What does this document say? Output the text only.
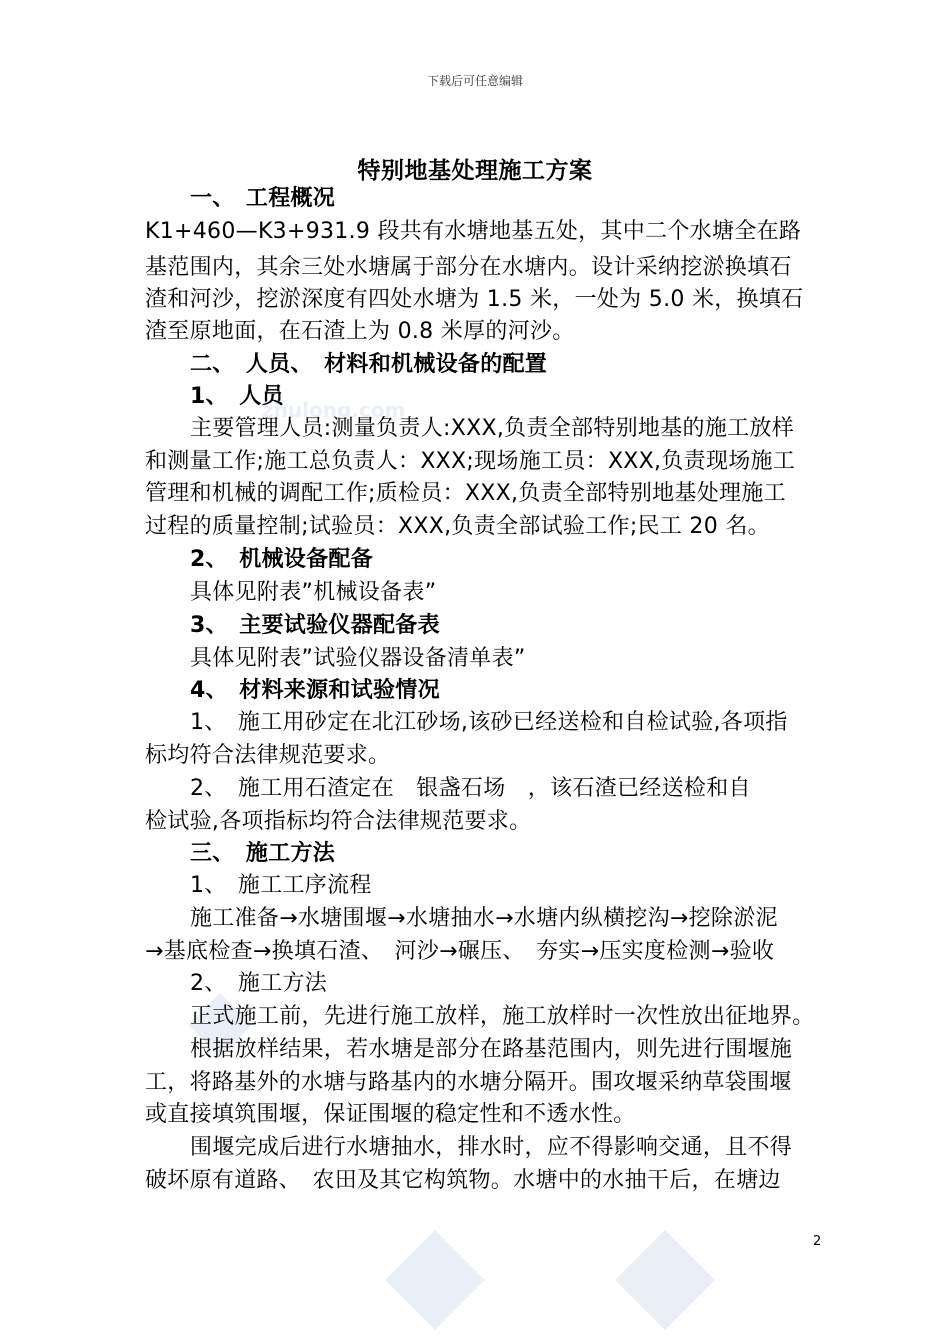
zhulong.com
下载后可任意编辑
特别地基处理施工方案
一、　工程概况
K1+460—K3+931.9 段共有水塘地基五处，其中二个水塘全在路
基范围内，其余三处水塘属于部分在水塘内。设计采纳挖淤换填石
渣和河沙，挖淤深度有四处水塘为 1.5 米，一处为 5.0 米，换填石
渣至原地面，在石渣上为 0.8 米厚的河沙。
二、　人员、　材料和机械设备的配置
1、　人员
主要管理人员:测量负责人:XXX,负责全部特别地基的施工放样
和测量工作;施工总负责人：XXX;现场施工员：XXX,负责现场施工
管理和机械的调配工作;质检员：XXX,负责全部特别地基处理施工
过程的质量控制;试验员：XXX,负责全部试验工作;民工 20 名。
2、　机械设备配备
具体见附表”机械设备表”
3、　主要试验仪器配备表
具体见附表”试验仪器设备清单表”
4、　材料来源和试验情况
1、　施工用砂定在北江砂场,该砂已经送检和自检试验,各项指
标均符合法律规范要求。
2、　施工用石渣定在　银盏石场　，该石渣已经送检和自
检试验,各项指标均符合法律规范要求。
三、　施工方法
1、　施工工序流程
施工准备→水塘围堰→水塘抽水→水塘内纵横挖沟→挖除淤泥
→基底检查→换填石渣、　河沙→碾压、　夯实→压实度检测→验收
2、　施工方法
正式施工前，先进行施工放样，施工放样时一次性放出征地界。
根据放样结果，若水塘是部分在路基范围内，则先进行围堰施
工，将路基外的水塘与路基内的水塘分隔开。围攻堰采纳草袋围堰
或直接填筑围堰，保证围堰的稳定性和不透水性。
围堰完成后进行水塘抽水，排水时，应不得影响交通，且不得
破坏原有道路、　农田及其它构筑物。水塘中的水抽干后，在塘边
2
